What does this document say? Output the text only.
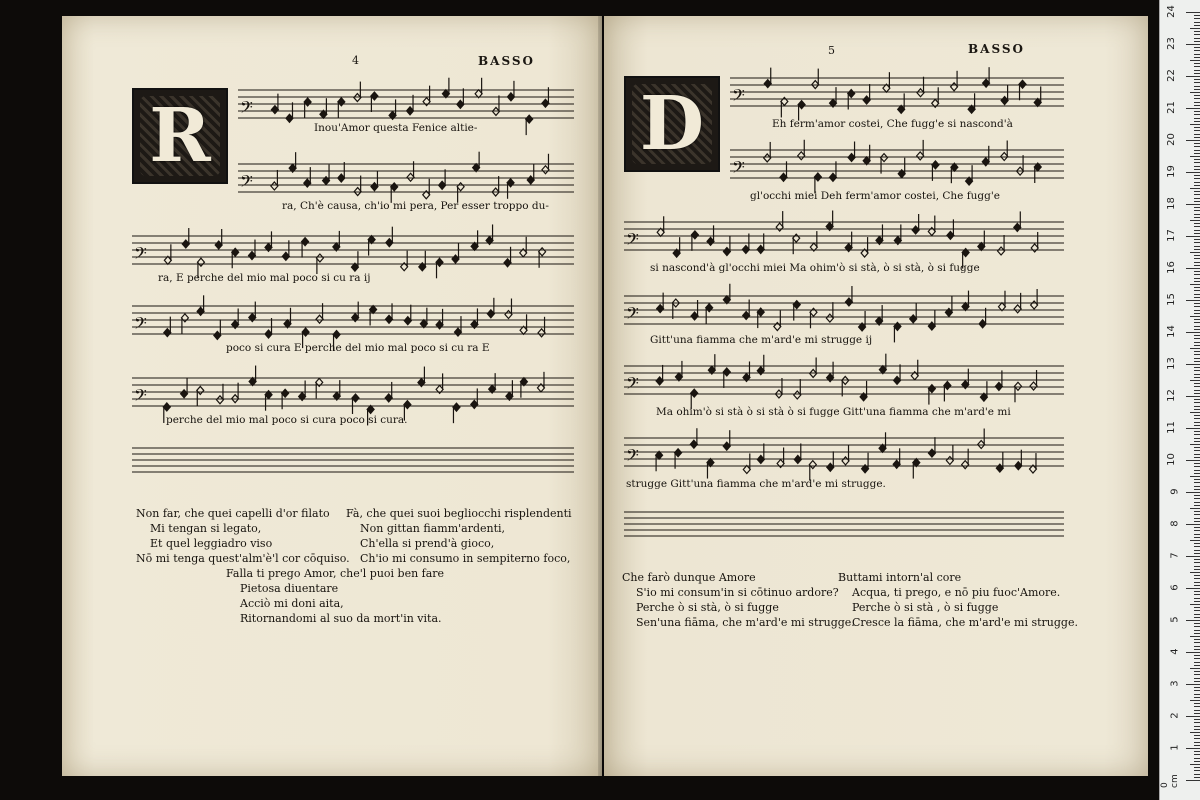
BASSO
4
R	𝄢
Inou'Amor questa Fenice altie-
𝄢
ra, Ch'è causa, ch'io mi pera, Per esser troppo du-
𝄢
ra, E perche del mio mal poco si cu ra ij
𝄢
poco si cura E perche del mio mal poco si cu ra E
𝄢
perche del mio mal poco si cura poco si cura.
Non far, che quei capelli d'or filato
Mi tengan si legato,
Et quel leggiadro viso
Nō mi tenga quest'alm'è'l cor cōquiso.
Fà, che quei suoi begliocchi risplendenti
Non gittan fiamm'ardenti,
Ch'ella si prend'à gioco,
Ch'io mi consumo in sempiterno foco,
Falla ti prego Amor, che'l puoi ben fare
Pietosa diuentare
Acciò mi doni aita,
Ritornandomi al suo da mort'in vita.
BASSO
5
D	𝄢
Eh ferm'amor costei, Che fugg'e si nascond'à
𝄢
gl'occhi miei Deh ferm'amor costei, Che fugg'e
𝄢
si nascond'à gl'occhi miei Ma ohim'ò si stà, ò si stà, ò si fugge
𝄢
Gitt'una fiamma che m'ard'e mi strugge ij
𝄢
Ma ohim'ò si stà ò si stà ò si fugge Gitt'una fiamma che m'ard'e mi
𝄢
strugge Gitt'una fiamma che m'ard'e mi strugge.
Che farò dunque Amore
S'io mi consum'in si cōtinuo ardore?
Perche ò si stà, ò si fugge
Sen'una fiāma, che m'ard'e mi strugge.
Buttami intorn'al core
Acqua, ti prego, e nō piu fuoc'Amore.
Perche ò si stà , ò si fugge
Cresce la fiāma, che m'ard'e mi strugge.
0 cm
1
2
3
4
5
6
7
8
9
10
11
12
13
14
15
16
17
18
19
20
21
22
23
24
